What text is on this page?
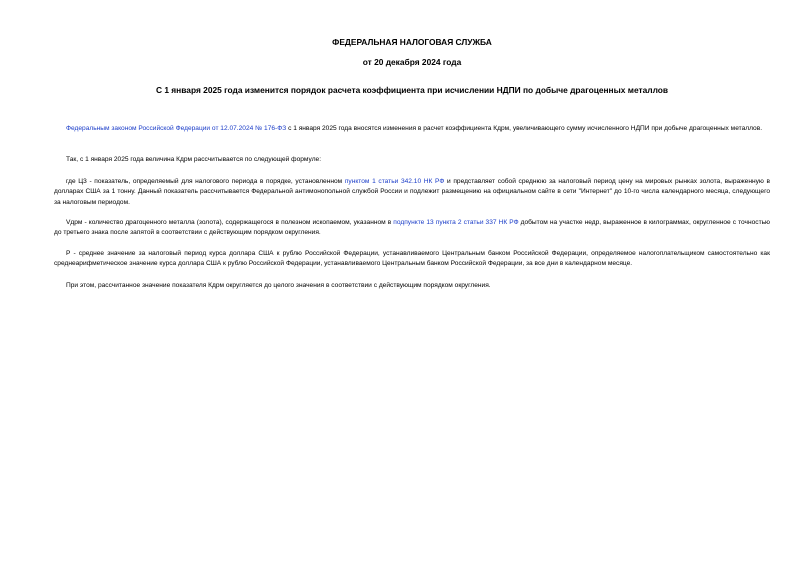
ФЕДЕРАЛЬНАЯ НАЛОГОВАЯ СЛУЖБА

от 20 декабря 2024 года

С 1 января 2025 года изменится порядок расчета коэффициента при исчислении НДПИ по добыче драгоценных металлов

Федеральным законом Российской Федерации от 12.07.2024 № 176-ФЗ с 1 января 2025 года вносятся изменения в расчет коэффициента Кдрм, увеличивающего сумму исчисленного НДПИ при добыче драгоценных металлов.

Так, с 1 января 2025 года величина Кдрм рассчитывается по следующей формуле:

где Ц3 - показатель, определяемый для налогового периода в порядке, установленном пунктом 1 статьи 342.10 НК РФ и представляет собой среднюю за налоговый период цену на мировых рынках золота, выраженную в долларах США за 1 тонну. Данный показатель рассчитывается Федеральной антимонопольной службой России и подлежит размещению на официальном сайте в сети "Интернет" до 10-го числа календарного месяца, следующего за налоговым периодом.

Vдрм - количество драгоценного металла (золота), содержащегося в полезном ископаемом, указанном в подпункте 13 пункта 2 статьи 337 НК РФ добытом на участке недр, выраженное в килограммах, округленное с точностью до третьего знака после запятой в соответствии с действующим порядком округления.

Р - среднее значение за налоговый период курса доллара США к рублю Российской Федерации, устанавливаемого Центральным банком Российской Федерации, определяемое налогоплательщиком самостоятельно как среднеарифметическое значение курса доллара США к рублю Российской Федерации, устанавливаемого Центральным банком Российской Федерации, за все дни в календарном месяце.

При этом, рассчитанное значение показателя Кдрм округляется до целого значения в соответствии с действующим порядком округления.
